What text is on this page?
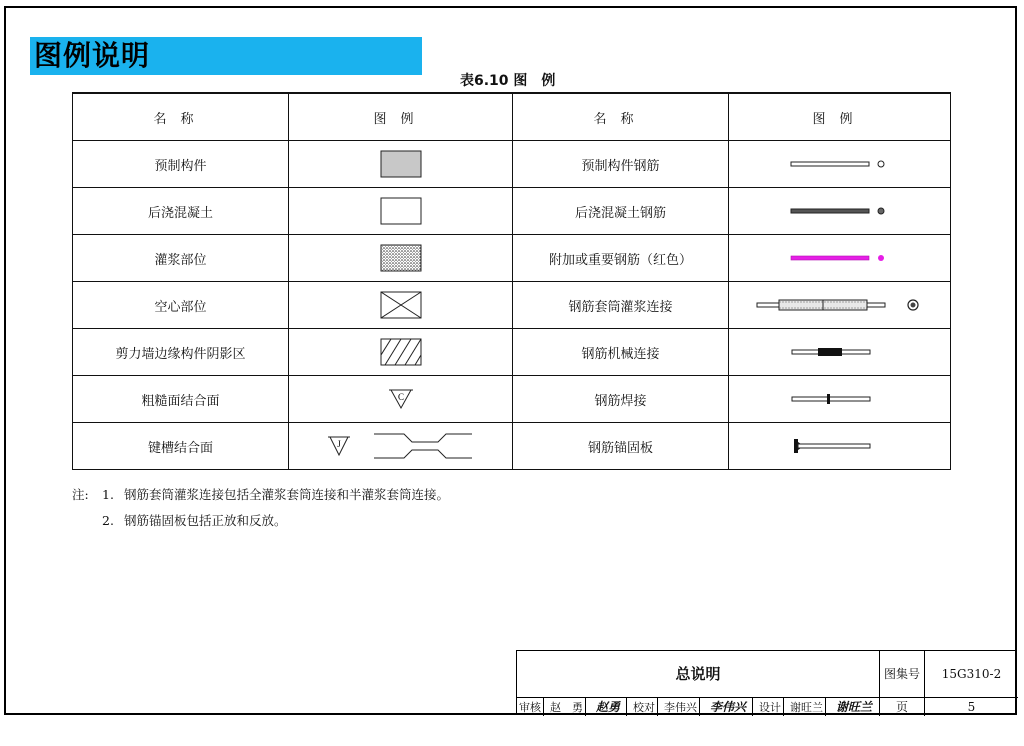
图例说明
表6.10 图　例
名称	图例	名称	图例
预制构件		预制构件钢筋	
后浇混凝土		后浇混凝土钢筋	
灌浆部位		附加或重要钢筋（红色）	
空心部位		钢筋套筒灌浆连接	
剪力墙边缘构件阴影区		钢筋机械连接	
粗糙面结合面	C	钢筋焊接	
键槽结合面	J	钢筋锚固板	
注: 1. 钢筋套筒灌浆连接包括全灌浆套筒连接和半灌浆套筒连接。
2. 钢筋锚固板包括正放和反放。
总说明	图集号	15G310-2
页	5
审核 赵　勇 赵勇 校对 李伟兴 李伟兴 设计 谢旺兰 谢旺兰
